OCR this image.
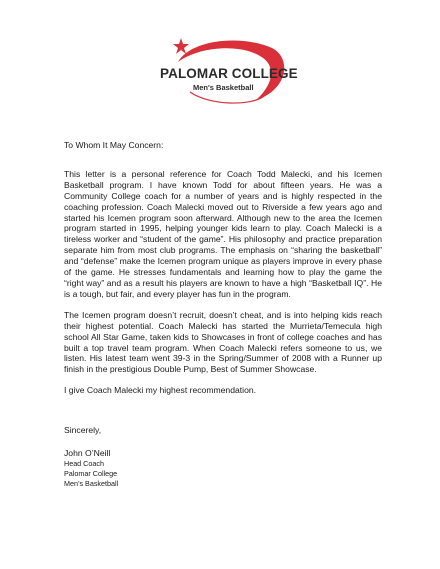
PALOMAR COLLEGE
Men's Basketball

To Whom It May Concern:

This letter is a personal reference for Coach Todd Malecki, and his Icemen Basketball program. I have known Todd for about fifteen years. He was a Community College coach for a number of years and is highly respected in the coaching profession. Coach Malecki moved out to Riverside a few years ago and started his Icemen program soon afterward. Although new to the area the Icemen program started in 1995, helping younger kids learn to play. Coach Malecki is a tireless worker and “student of the game”. His philosophy and practice preparation separate him from most club programs. The emphasis on “sharing the basketball” and “defense” make the Icemen program unique as players improve in every phase of the game. He stresses fundamentals and learning how to play the game the “right way” and as a result his players are known to have a high “Basketball IQ”. He is a tough, but fair, and every player has fun in the program.

The Icemen program doesn’t recruit, doesn’t cheat, and is into helping kids reach their highest potential. Coach Malecki has started the Murrieta/Temecula high school All Star Game, taken kids to Showcases in front of college coaches and has built a top travel team program. When Coach Malecki refers someone to us, we listen. His latest team went 39-3 in the Spring/Summer of 2008 with a Runner up finish in the prestigious Double Pump, Best of Summer Showcase.

I give Coach Malecki my highest recommendation.

Sincerely,

John O’Neill

Head Coach

Palomar College

Men’s Basketball
